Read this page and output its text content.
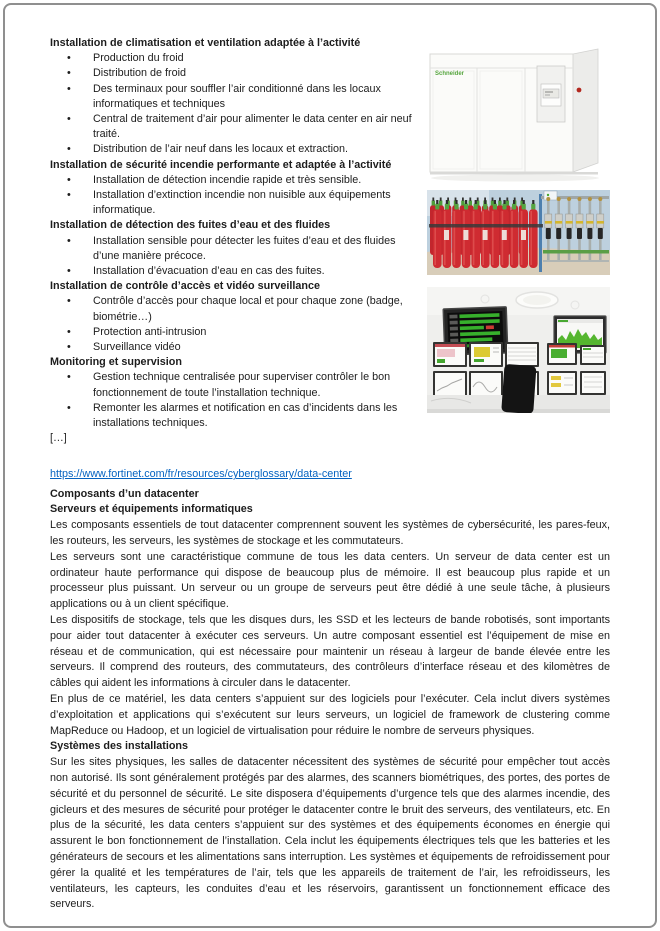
Installation de climatisation et ventilation adaptée à l’activité
• Production du froid
• Distribution de froid
• Des terminaux pour souffler l’air conditionné dans les locaux informatiques et techniques
• Central de traitement d’air pour alimenter le data center en air neuf traité.
• Distribution de l’air neuf dans les locaux et extraction.
Installation de sécurité incendie performante et adaptée à l’activité
• Installation de détection incendie rapide et très sensible.
• Installation d’extinction incendie non nuisible aux équipements informatique.
Installation de détection des fuites d’eau et des fluides
• Installation sensible pour détecter les fuites d’eau et des fluides d’une manière précoce.
• Installation d’évacuation d’eau en cas des fuites.
Installation de contrôle d’accès et vidéo surveillance
• Contrôle d’accès pour chaque local et pour chaque zone (badge, biométrie…)
• Protection anti-intrusion
• Surveillance vidéo
Monitoring et supervision
• Gestion technique centralisée pour superviser contrôler le bon fonctionnement de toute l’installation technique.
• Remonter les alarmes et notification en cas d’incidents dans les installations techniques.
[…]
Schneider

https://www.fortinet.com/fr/resources/cyberglossary/data-center

Composants d’un datacenter
Serveurs et équipements informatiques

Les composants essentiels de tout datacenter comprennent souvent les systèmes de cybersécurité, les pares-feux, les routeurs, les serveurs, les systèmes de stockage et les commutateurs.

Les serveurs sont une caractéristique commune de tous les data centers. Un serveur de data center est un ordinateur haute performance qui dispose de beaucoup plus de mémoire. Il est beaucoup plus rapide et un processeur plus puissant. Un serveur ou un groupe de serveurs peut être dédié à une seule tâche, à plusieurs applications ou à un client spécifique.

Les dispositifs de stockage, tels que les disques durs, les SSD et les lecteurs de bande robotisés, sont importants pour aider tout datacenter à exécuter ces serveurs. Un autre composant essentiel est l’équipement de mise en réseau et de communication, qui est nécessaire pour maintenir un réseau à largeur de bande élevée entre les serveurs. Il comprend des routeurs, des commutateurs, des contrôleurs d’interface réseau et des kilomètres de câbles qui aident les informations à circuler dans le datacenter.

En plus de ce matériel, les data centers s’appuient sur des logiciels pour l’exécuter. Cela inclut divers systèmes d’exploitation et applications qui s’exécutent sur leurs serveurs, un logiciel de framework de clustering comme MapReduce ou Hadoop, et un logiciel de virtualisation pour réduire le nombre de serveurs physiques.

Systèmes des installations

Sur les sites physiques, les salles de datacenter nécessitent des systèmes de sécurité pour empêcher tout accès non autorisé. Ils sont généralement protégés par des alarmes, des scanners biométriques, des portes, des portes de sécurité et du personnel de sécurité. Le site disposera d’équipements d’urgence tels que des alarmes incendie, des gicleurs et des mesures de sécurité pour protéger le datacenter contre le bruit des serveurs, des ventilateurs, etc. En plus de la sécurité, les data centers s’appuient sur des systèmes et des équipements économes en énergie qui assurent le bon fonctionnement de l’installation. Cela inclut les équipements électriques tels que les batteries et les générateurs de secours et les alimentations sans interruption. Les systèmes et équipements de refroidissement pour gérer la qualité et les températures de l’air, tels que les appareils de traitement de l’air, les refroidisseurs, les ventilateurs, les capteurs, les conduites d’eau et les réservoirs, garantissent un fonctionnement efficace des serveurs.
